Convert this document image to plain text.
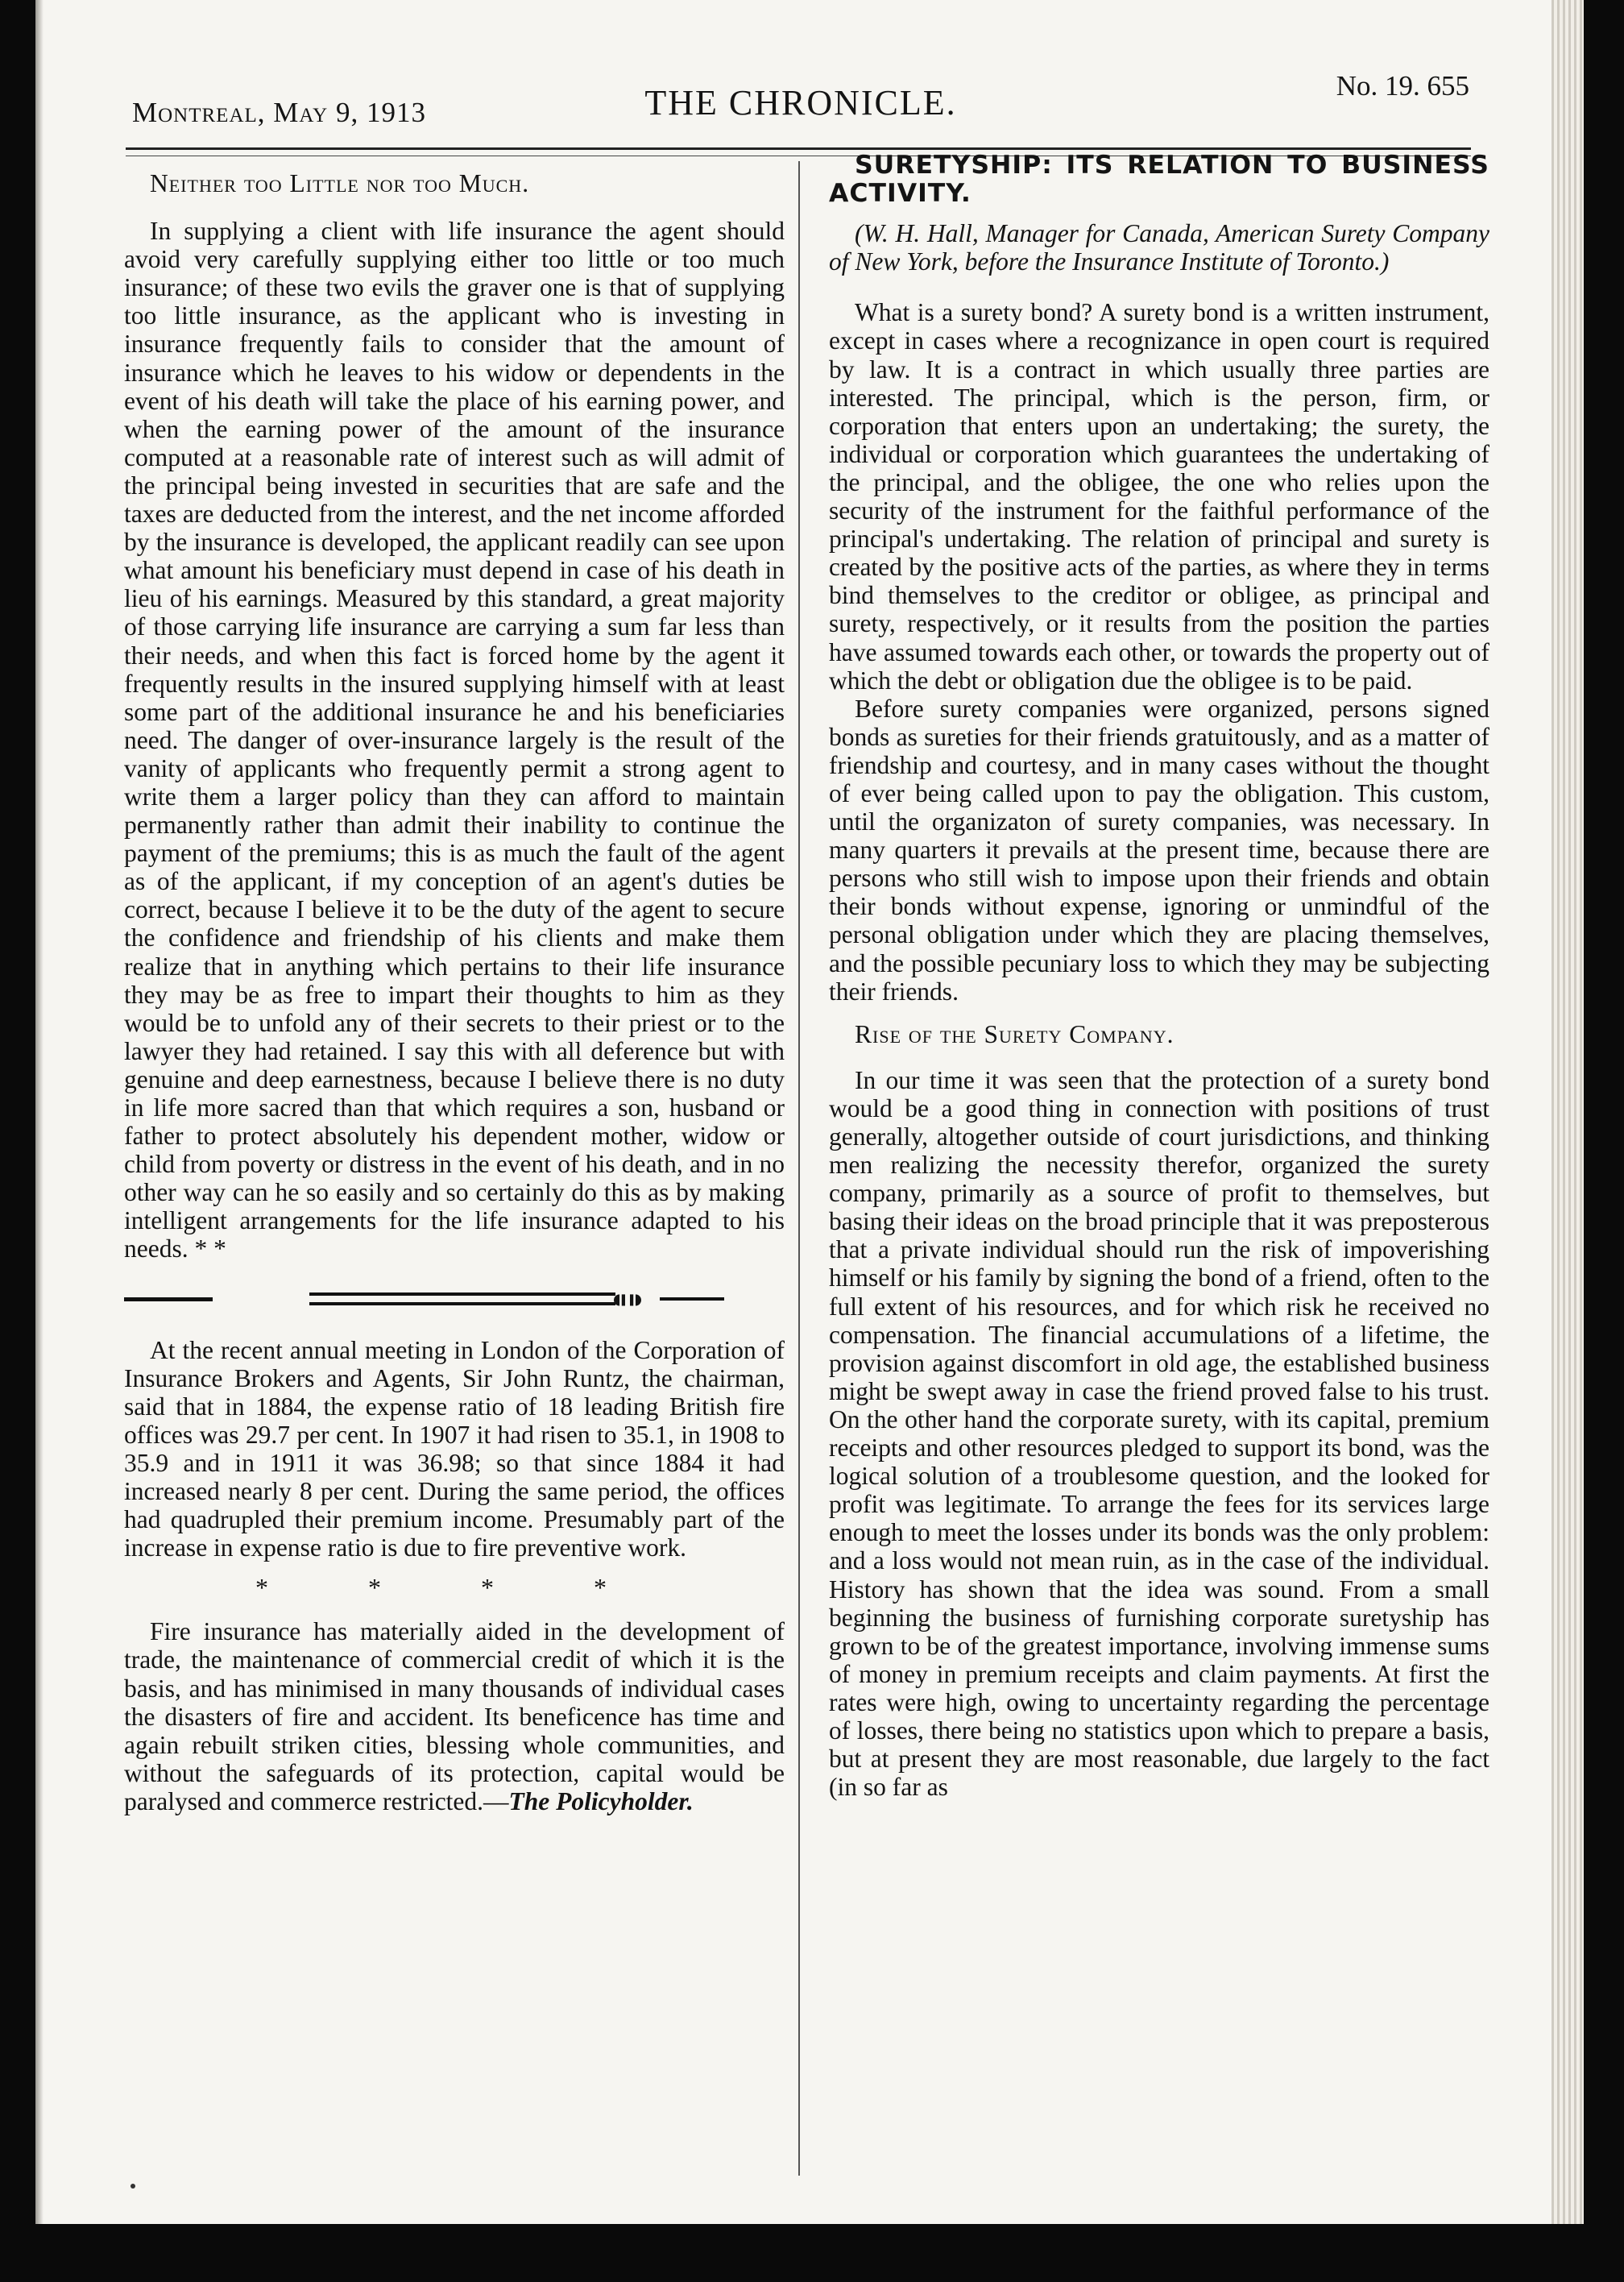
Montreal, May 9, 1913	THE CHRONICLE.	No. 19. 655

Neither too Little nor too Much.

In supplying a client with life insurance the agent should avoid very carefully supplying either too little or too much insurance; of these two evils the graver one is that of supplying too little insurance, as the applicant who is investing in insurance frequently fails to consider that the amount of insurance which he leaves to his widow or dependents in the event of his death will take the place of his earning power, and when the earning power of the amount of the insurance computed at a reasonable rate of interest such as will admit of the principal being invested in securities that are safe and the taxes are deducted from the interest, and the net income afforded by the insurance is developed, the applicant readily can see upon what amount his beneficiary must depend in case of his death in lieu of his earnings. Measured by this standard, a great majority of those carrying life insurance are carrying a sum far less than their needs, and when this fact is forced home by the agent it frequently results in the insured supplying himself with at least some part of the additional insurance he and his beneficiaries need. The danger of over-insurance largely is the result of the vanity of applicants who frequently permit a strong agent to write them a larger policy than they can afford to maintain permanently rather than admit their inability to continue the payment of the premiums; this is as much the fault of the agent as of the applicant, if my conception of an agent's duties be correct, because I believe it to be the duty of the agent to secure the confidence and friendship of his clients and make them realize that in anything which pertains to their life insurance they may be as free to impart their thoughts to him as they would be to unfold any of their secrets to their priest or to the lawyer they had retained. I say this with all deference but with genuine and deep earnestness, because I believe there is no duty in life more sacred than that which requires a son, husband or father to protect absolutely his dependent mother, widow or child from poverty or distress in the event of his death, and in no other way can he so easily and so certainly do this as by making intelligent arrangements for the life insurance adapted to his needs. * *

⁌⁍

At the recent annual meeting in London of the Corporation of Insurance Brokers and Agents, Sir John Runtz, the chairman, said that in 1884, the expense ratio of 18 leading British fire offices was 29.7 per cent. In 1907 it had risen to 35.1, in 1908 to 35.9 and in 1911 it was 36.98; so that since 1884 it had increased nearly 8 per cent. During the same period, the offices had quadrupled their premium income. Presumably part of the increase in expense ratio is due to fire preventive work.

* * * *

Fire insurance has materially aided in the development of trade, the maintenance of commercial credit of which it is the basis, and has minimised in many thousands of individual cases the disasters of fire and accident. Its beneficence has time and again rebuilt striken cities, blessing whole communities, and without the safeguards of its protection, capital would be paralysed and commerce restricted.—The Policyholder.

SURETYSHIP: ITS RELATION TO BUSINESS ACTIVITY.

(W. H. Hall, Manager for Canada, American Surety Company of New York, before the Insurance Institute of Toronto.)

What is a surety bond? A surety bond is a written instrument, except in cases where a recognizance in open court is required by law. It is a contract in which usually three parties are interested. The principal, which is the person, firm, or corporation that enters upon an undertaking; the surety, the individual or corporation which guarantees the undertaking of the principal, and the obligee, the one who relies upon the security of the instrument for the faithful performance of the principal's undertaking. The relation of principal and surety is created by the positive acts of the parties, as where they in terms bind themselves to the creditor or obligee, as principal and surety, respectively, or it results from the position the parties have assumed towards each other, or towards the property out of which the debt or obligation due the obligee is to be paid.

Before surety companies were organized, persons signed bonds as sureties for their friends gratuitously, and as a matter of friendship and courtesy, and in many cases without the thought of ever being called upon to pay the obligation. This custom, until the organizaton of surety companies, was necessary. In many quarters it prevails at the present time, because there are persons who still wish to impose upon their friends and obtain their bonds without expense, ignoring or unmindful of the personal obligation under which they are placing themselves, and the possible pecuniary loss to which they may be subjecting their friends.

Rise of the Surety Company.

In our time it was seen that the protection of a surety bond would be a good thing in connection with positions of trust generally, altogether outside of court jurisdictions, and thinking men realizing the necessity therefor, organized the surety company, primarily as a source of profit to themselves, but basing their ideas on the broad principle that it was preposterous that a private individual should run the risk of impoverishing himself or his family by signing the bond of a friend, often to the full extent of his resources, and for which risk he received no compensation. The financial accumulations of a lifetime, the provision against discomfort in old age, the established business might be swept away in case the friend proved false to his trust. On the other hand the corporate surety, with its capital, premium receipts and other resources pledged to support its bond, was the logical solution of a troublesome question, and the looked for profit was legitimate. To arrange the fees for its services large enough to meet the losses under its bonds was the only problem: and a loss would not mean ruin, as in the case of the individual. History has shown that the idea was sound. From a small beginning the business of furnishing corporate suretyship has grown to be of the greatest importance, involving immense sums of money in premium receipts and claim payments. At first the rates were high, owing to uncertainty regarding the percentage of losses, there being no statistics upon which to prepare a basis, but at present they are most reasonable, due largely to the fact (in so far as
